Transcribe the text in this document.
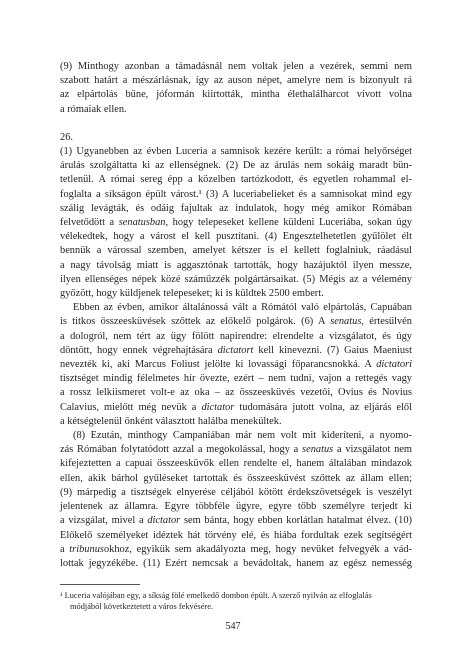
(9) Minthogy azonban a támadásnál nem voltak jelen a vezérek, semmi nem
szabott határt a mészárlásnak, így az auson népet, amelyre nem is bizonyult rá
az elpártolás bűne, jóformán kiirtották, mintha élethalálharcot vívott volna
a rómaiak ellen.

26.

(1) Ugyanebben az évben Luceria a samnisok kezére került: a római helyőrséget
árulás szolgáltatta ki az ellenségnek. (2) De az árulás nem sokáig maradt bün-
tetlenül. A római sereg épp a közelben tartózkodott, és egyetlen rohammal el-
foglalta a síkságon épült várost.¹ (3) A luceriabelieket és a samnisokat mind egy
szálig levágták, és odáig fajultak az indulatok, hogy még amikor Rómában
felvetődött a senatusban, hogy telepeseket kellene küldeni Luceriába, sokan úgy
vélekedtek, hogy a várost el kell pusztítani. (4) Engesztelhetetlen gyűlölet élt
bennük a várossal szemben, amelyet kétszer is el kellett foglalniuk, ráadásul
a nagy távolság miatt is aggasztónak tartották, hogy hazájuktól ilyen messze,
ilyen ellenséges népek közé száműzzék polgártársaikat. (5) Mégis az a vélemény
győzött, hogy küldjenek telepeseket; ki is küldtek 2500 embert.

Ebben az évben, amikor általánossá vált a Rómától való elpártolás, Capuában
is titkos összeesküvések szőttek az előkelő polgárok. (6) A senatus, értesülvén
a dologról, nem tért az ügy fölött napirendre: elrendelte a vizsgálatot, és úgy
döntött, hogy ennek végrehajtására dictatort kell kinevezni. (7) Gaius Maeniust
nevezték ki, aki Marcus Foliust jelölte ki lovassági főparancsnokká. A dictatori
tisztséget mindig félelmetes hír övezte, ezért – nem tudni, vajon a rettegés vagy
a rossz lelkiismeret volt-e az oka – az összeesküvés vezetői, Ovius és Novius
Calavius, mielőtt még nevük a dictator tudomására jutott volna, az eljárás elől
a kétségtelenül önként választott halálba menekültek.

(8) Ezután, minthogy Campaniában már nem volt mit kideríteni, a nyomo-
zás Rómában folytatódott azzal a megokolással, hogy a senatus a vizsgálatot nem
kifejeztetten a capuai összeesküvők ellen rendelte el, hanem általában mindazok
ellen, akik bárhol gyűléseket tartottak és összeesküvést szőttek az állam ellen;
(9) márpedig a tisztségek elnyerése céljából kötött érdekszövetségek is veszélyt
jelentenek az államra. Egyre többféle ügyre, egyre több személyre terjedt ki
a vizsgálat, mivel a dictator sem bánta, hogy ebben korlátlan hatalmat élvez. (10)
Előkelő személyeket idéztek hát törvény elé, és hiába fordultak ezek segítségért
a tribunusokhoz, egyikük sem akadályozta meg, hogy nevüket felvegyék a vád-
lottak jegyzékébe. (11) Ezért nemcsak a bevádoltak, hanem az egész nemesség

¹ Luceria valójában egy, a síkság fölé emelkedő dombon épült. A szerző nyilván az elfoglalás
módjából következtetett a város fekvésére.
547
